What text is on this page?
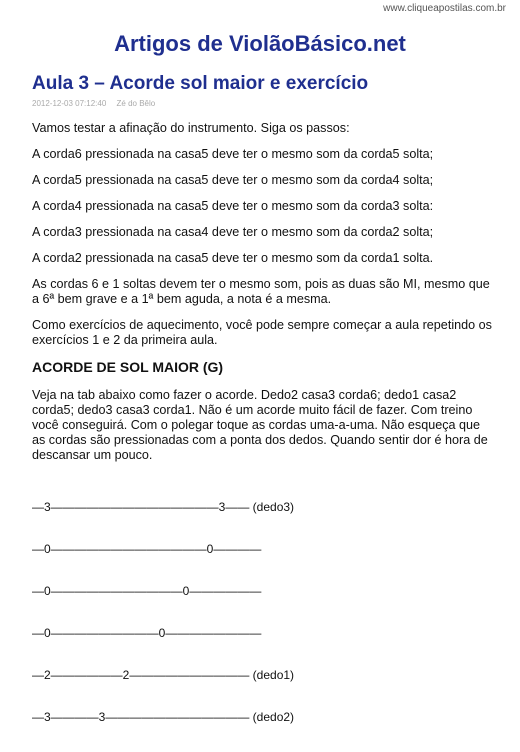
www.cliqueapostilas.com.br
Artigos de ViolãoBásico.net
Aula 3 – Acorde sol maior e exercício
2012-12-03 07:12:40 Zé do Bêlo

Vamos testar a afinação do instrumento. Siga os passos:

A corda6 pressionada na casa5 deve ter o mesmo som da corda5 solta;

A corda5 pressionada na casa5 deve ter o mesmo som da corda4 solta;

A corda4 pressionada na casa5 deve ter o mesmo som da corda3 solta:

A corda3 pressionada na casa4 deve ter o mesmo som da corda2 solta;

A corda2 pressionada na casa5 deve ter o mesmo som da corda1 solta.

As cordas 6 e 1 soltas devem ter o mesmo som, pois as duas são MI, mesmo que a 6ª bem grave e a 1ª bem aguda, a nota é a mesma.

Como exercícios de aquecimento, você pode sempre começar a aula repetindo os exercícios 1 e 2 da primeira aula.

ACORDE DE SOL MAIOR (G)

Veja na tab abaixo como fazer o acorde. Dedo2 casa3 corda6; dedo1 casa2 corda5; dedo3 casa3 corda1. Não é um acorde muito fácil de fazer. Com treino você conseguirá. Com o polegar toque as cordas uma-a-uma. Não esqueça que as cordas são pressionadas com a ponta dos dedos. Quando sentir dor é hora de descansar um pouco.

—3——————————————3—— (dedo3)

—0—————————————0————

—0———————————0——————

—0—————————0————————

—2——————2—————————— (dedo1)

—3————3———————————— (dedo2)
